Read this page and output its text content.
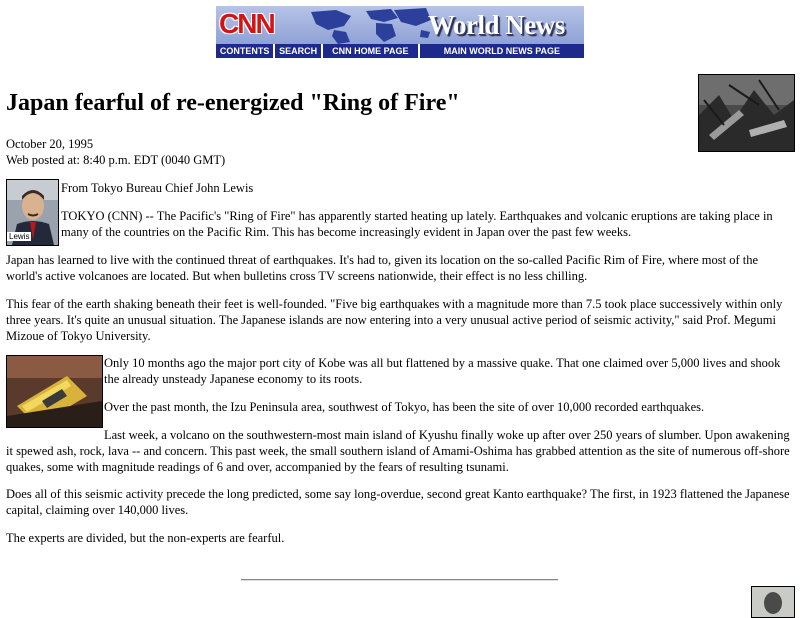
CNN	World News
CONTENTS	SEARCH	CNN HOME PAGE	MAIN WORLD NEWS PAGE
Japan fearful of re-energized "Ring of Fire"

October 20, 1995

Web posted at: 8:40 p.m. EDT (0040 GMT)

Lewis

From Tokyo Bureau Chief John Lewis

TOKYO (CNN) -- The Pacific's "Ring of Fire" has apparently started heating up lately. Earthquakes and volcanic eruptions are taking place in many of the countries on the Pacific Rim. This has become increasingly evident in Japan over the past few weeks.

Japan has learned to live with the continued threat of earthquakes. It's had to, given its location on the so-called Pacific Rim of Fire, where most of the world's active volcanoes are located. But when bulletins cross TV screens nationwide, their effect is no less chilling.

This fear of the earth shaking beneath their feet is well-founded. "Five big earthquakes with a magnitude more than 7.5 took place successively within only three years. It's quite an unusual situation. The Japanese islands are now entering into a very unusual active period of seismic activity," said Prof. Megumi Mizoue of Tokyo University.

Only 10 months ago the major port city of Kobe was all but flattened by a massive quake. That one claimed over 5,000 lives and shook the already unsteady Japanese economy to its roots.

Over the past month, the Izu Peninsula area, southwest of Tokyo, has been the site of over 10,000 recorded earthquakes.

Last week, a volcano on the southwestern-most main island of Kyushu finally woke up after over 250 years of slumber. Upon awakening it spewed ash, rock, lava -- and concern. This past week, the small southern island of Amami-Oshima has grabbed attention as the site of numerous off-shore quakes, some with magnitude readings of 6 and over, accompanied by the fears of resulting tsunami.

Does all of this seismic activity precede the long predicted, some say long-overdue, second great Kanto earthquake? The first, in 1923 flattened the Japanese capital, claiming over 140,000 lives.

The experts are divided, but the non-experts are fearful.
